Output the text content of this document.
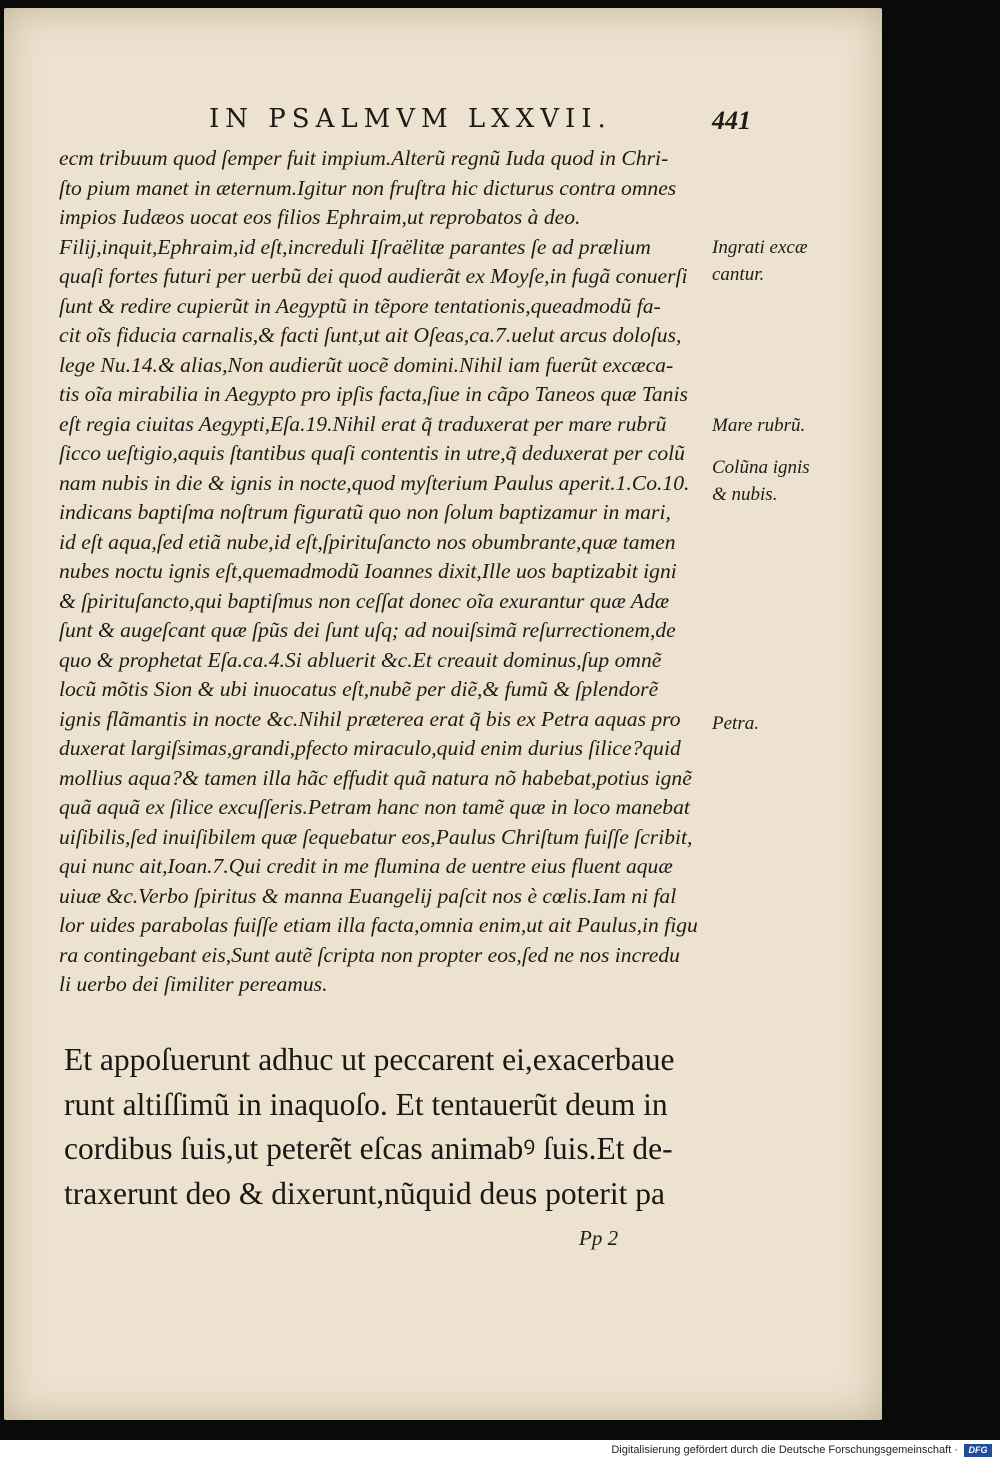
IN PSALMVM LXXVII.	441
ecm tribuum quod ſemper fuit impium.Alterũ regnũ Iuda quod in Chri-
ſto pium manet in æternum.Igitur non fruſtra hic dicturus contra omnes
impios Iudæos uocat eos filios Ephraim,ut reprobatos à deo.
Filij,inquit,Ephraim,id eſt,increduli Iſraëlitæ parantes ſe ad prælium
quaſi fortes futuri per uerbũ dei quod audierãt ex Moyſe,in fugã conuerſi
ſunt & redire cupierũt in Aegyptũ in tẽpore tentationis,queadmodũ fa-
cit oĩs fiducia carnalis,& facti ſunt,ut ait Oſeas,ca.7.uelut arcus doloſus,
lege Nu.14.& alias,Non audierũt uocẽ domini.Nihil iam fuerũt excæca-
tis oĩa mirabilia in Aegypto pro ipſis facta,ſiue in cãpo Taneos quæ Tanis
eſt regia ciuitas Aegypti,Eſa.19.Nihil erat q̃ traduxerat per mare rubrũ
ſicco ueſtigio,aquis ſtantibus quaſi contentis in utre,q̃ deduxerat per colũ
nam nubis in die & ignis in nocte,quod myſterium Paulus aperit.1.Co.10.
indicans baptiſma noſtrum figuratũ quo non ſolum baptizamur in mari,
id eſt aqua,ſed etiã nube,id eſt,ſpirituſancto nos obumbrante,quæ tamen
nubes noctu ignis eſt,quemadmodũ Ioannes dixit,Ille uos baptizabit igni
& ſpirituſancto,qui baptiſmus non ceſſat donec oĩa exurantur quæ Adæ
ſunt & augeſcant quæ ſpũs dei ſunt uſq; ad nouiſsimã reſurrectionem,de
quo & prophetat Eſa.ca.4.Si abluerit &c.Et creauit dominus,ſup omnẽ
locũ mõtis Sion & ubi inuocatus eſt,nubẽ per diẽ,& fumũ & ſplendorẽ
ignis flãmantis in nocte &c.Nihil præterea erat q̃ bis ex Petra aquas pro
duxerat largiſsimas,grandi,pfecto miraculo,quid enim durius ſilice?quid
mollius aqua?& tamen illa hãc effudit quã natura nõ habebat,potius ignẽ
quã aquã ex ſilice excuſſeris.Petram hanc non tamẽ quæ in loco manebat
uiſibilis,ſed inuiſibilem quæ ſequebatur eos,Paulus Chriſtum fuiſſe ſcribit,
qui nunc ait,Ioan.7.Qui credit in me flumina de uentre eius fluent aquæ
uiuæ &c.Verbo ſpiritus & manna Euangelij paſcit nos è cœlis.Iam ni fal
lor uides parabolas fuiſſe etiam illa facta,omnia enim,ut ait Paulus,in figu
ra contingebant eis,Sunt autẽ ſcripta non propter eos,ſed ne nos incredu
li uerbo dei ſimiliter pereamus.
Ingrati excæ
cantur.
Mare rubrũ.
Colũna ignis
& nubis.
Petra.
Et appoſuerunt adhuc ut peccarent ei,exacerbaue
runt altiſſimũ in inaquoſo. Et tentauerũt deum in
cordibus ſuis,ut peterẽt eſcas animabꝰ ſuis.Et de-
traxerunt deo & dixerunt,nũquid deus poterit pa
Pp 2
Digitalisierung gefördert durch die Deutsche Forschungsgemeinschaft ·	DFG
